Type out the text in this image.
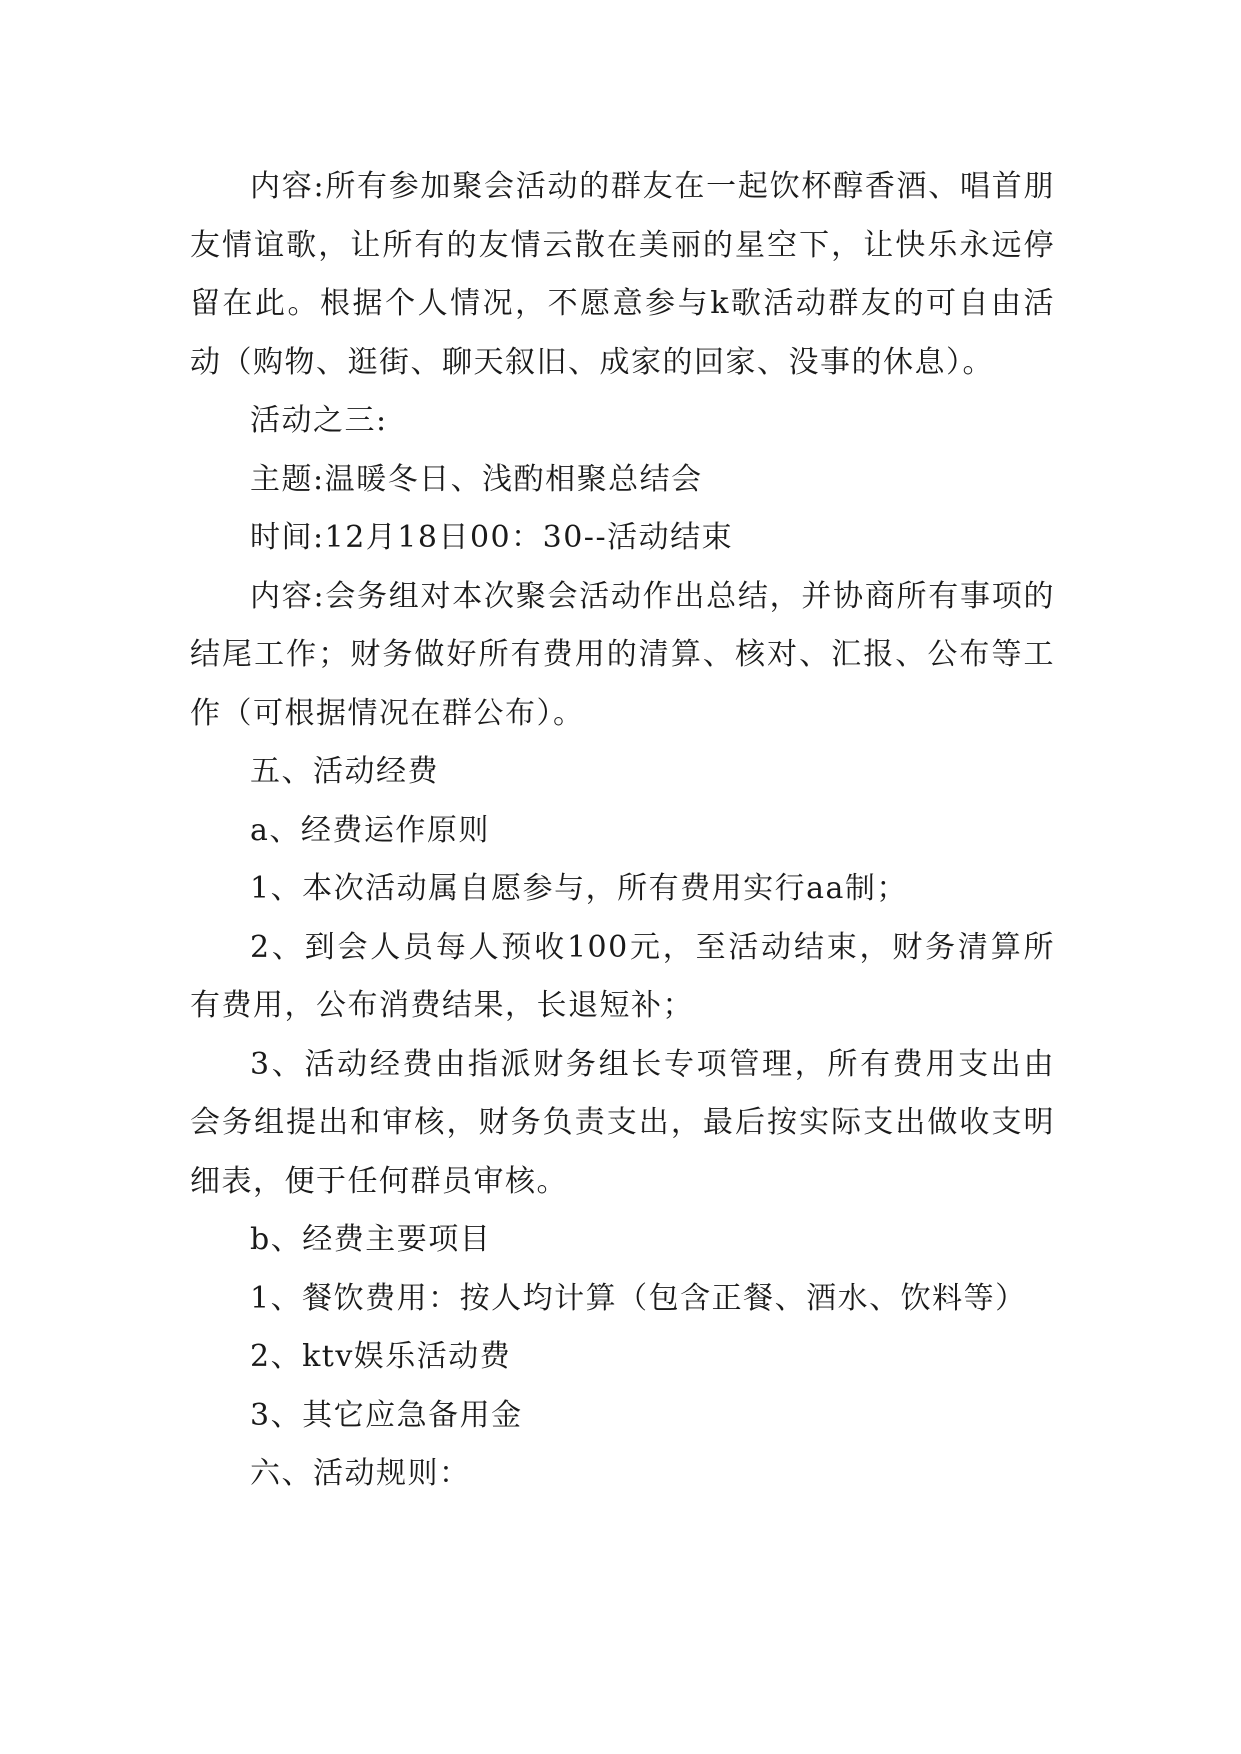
内容:所有参加聚会活动的群友在一起饮杯醇香酒、唱首朋友情谊歌，让所有的友情云散在美丽的星空下，让快乐永远停留在此。根据个人情况，不愿意参与k歌活动群友的可自由活动（购物、逛街、聊天叙旧、成家的回家、没事的休息）。

活动之三:

主题:温暖冬日、浅酌相聚总结会

时间:12月18日00：30--活动结束

内容:会务组对本次聚会活动作出总结，并协商所有事项的结尾工作；财务做好所有费用的清算、核对、汇报、公布等工作（可根据情况在群公布）。

五、活动经费

a、经费运作原则

1、本次活动属自愿参与，所有费用实行aa制；

2、到会人员每人预收100元，至活动结束，财务清算所有费用，公布消费结果，长退短补；

3、活动经费由指派财务组长专项管理，所有费用支出由会务组提出和审核，财务负责支出，最后按实际支出做收支明细表，便于任何群员审核。

b、经费主要项目

1、餐饮费用：按人均计算（包含正餐、酒水、饮料等）

2、ktv娱乐活动费

3、其它应急备用金

六、活动规则：
